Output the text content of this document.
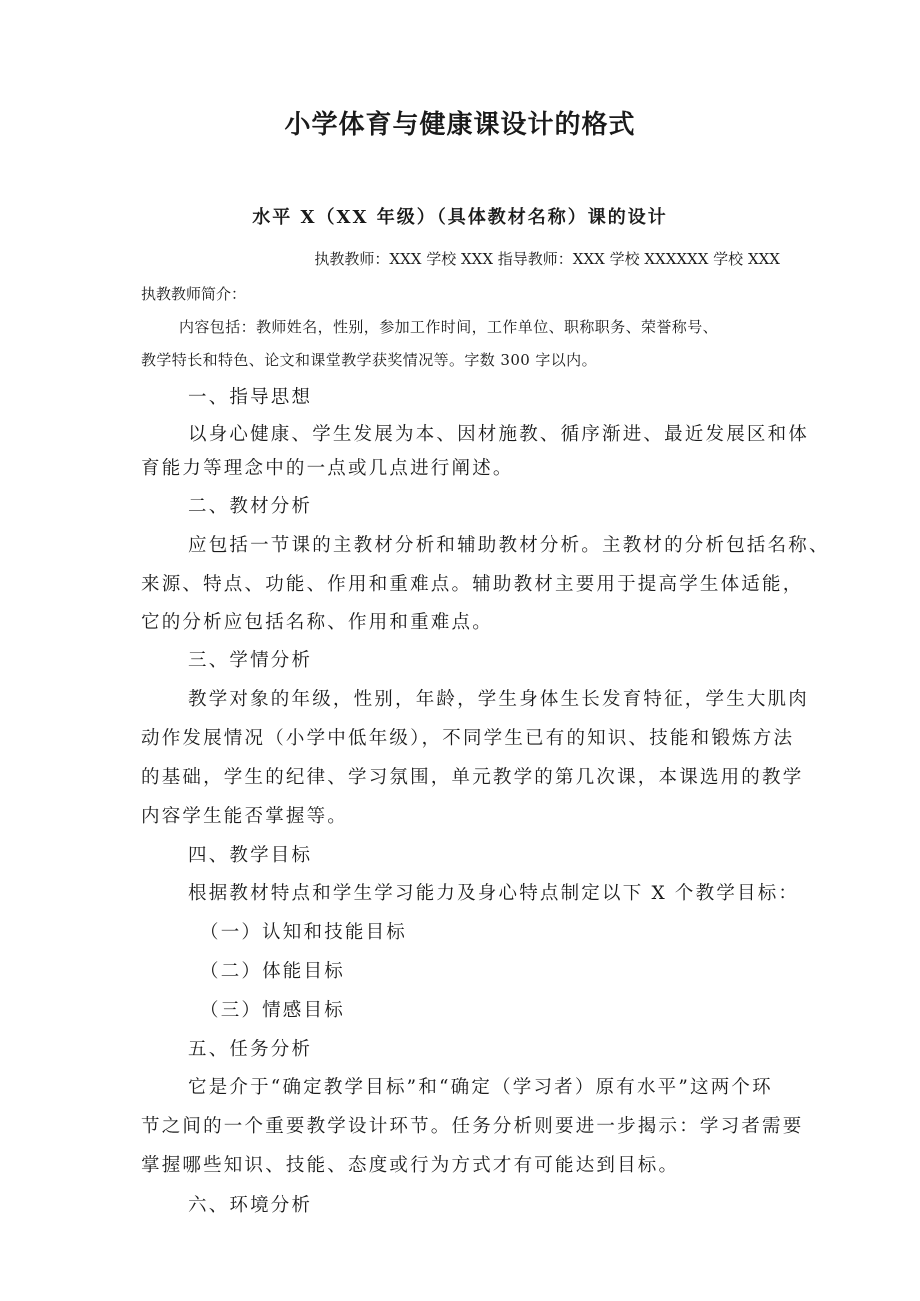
小学体育与健康课设计的格式
水平 X（XX 年级）（具体教材名称）课的设计

执教教师：XXX 学校 XXX 指导教师：XXX 学校 XXXXXX 学校 XXX

执教教师简介：

内容包括：教师姓名，性别，参加工作时间，工作单位、职称职务、荣誉称号、

教学特长和特色、论文和课堂教学获奖情况等。字数 300 字以内。

一、指导思想

以身心健康、学生发展为本、因材施教、循序渐进、最近发展区和体

育能力等理念中的一点或几点进行阐述。

二、教材分析

应包括一节课的主教材分析和辅助教材分析。主教材的分析包括名称、

来源、特点、功能、作用和重难点。辅助教材主要用于提高学生体适能，

它的分析应包括名称、作用和重难点。

三、学情分析

教学对象的年级，性别，年龄，学生身体生长发育特征，学生大肌肉

动作发展情况（小学中低年级），不同学生已有的知识、技能和锻炼方法

的基础，学生的纪律、学习氛围，单元教学的第几次课，本课选用的教学

内容学生能否掌握等。

四、教学目标

根据教材特点和学生学习能力及身心特点制定以下 X 个教学目标：

（一）认知和技能目标

（二）体能目标

（三）情感目标

五、任务分析

它是介于“确定教学目标”和“确定（学习者）原有水平”这两个环

节之间的一个重要教学设计环节。任务分析则要进一步揭示：学习者需要

掌握哪些知识、技能、态度或行为方式才有可能达到目标。

六、环境分析
